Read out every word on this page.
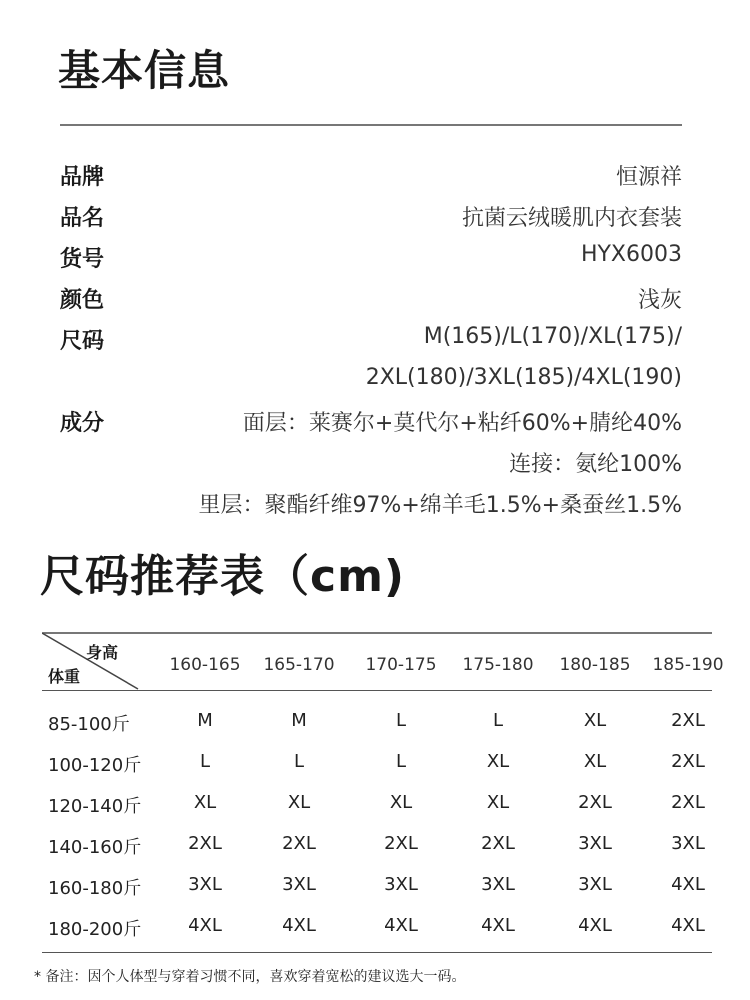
基本信息
尺码推荐表（cm)
身高
体重
* 备注：因个人体型与穿着习惯不同，喜欢穿着宽松的建议选大一码。
品牌	恒源祥
品名	抗菌云绒暖肌内衣套装
货号	HYX6003
颜色	浅灰
尺码	M(165)/L(170)/XL(175)/
2XL(180)/3XL(185)/4XL(190)
成分	面层：莱赛尔+莫代尔+粘纤60%+腈纶40%
连接：氨纶100%
里层：聚酯纤维97%+绵羊毛1.5%+桑蚕丝1.5%
160-165	165-170	170-175	175-180	180-185	185-190
85-100斤	M	M	L	L	XL	2XL
100-120斤	L	L	L	XL	XL	2XL
120-140斤	XL	XL	XL	XL	2XL	2XL
140-160斤	2XL	2XL	2XL	2XL	3XL	3XL
160-180斤	3XL	3XL	3XL	3XL	3XL	4XL
180-200斤	4XL	4XL	4XL	4XL	4XL	4XL
